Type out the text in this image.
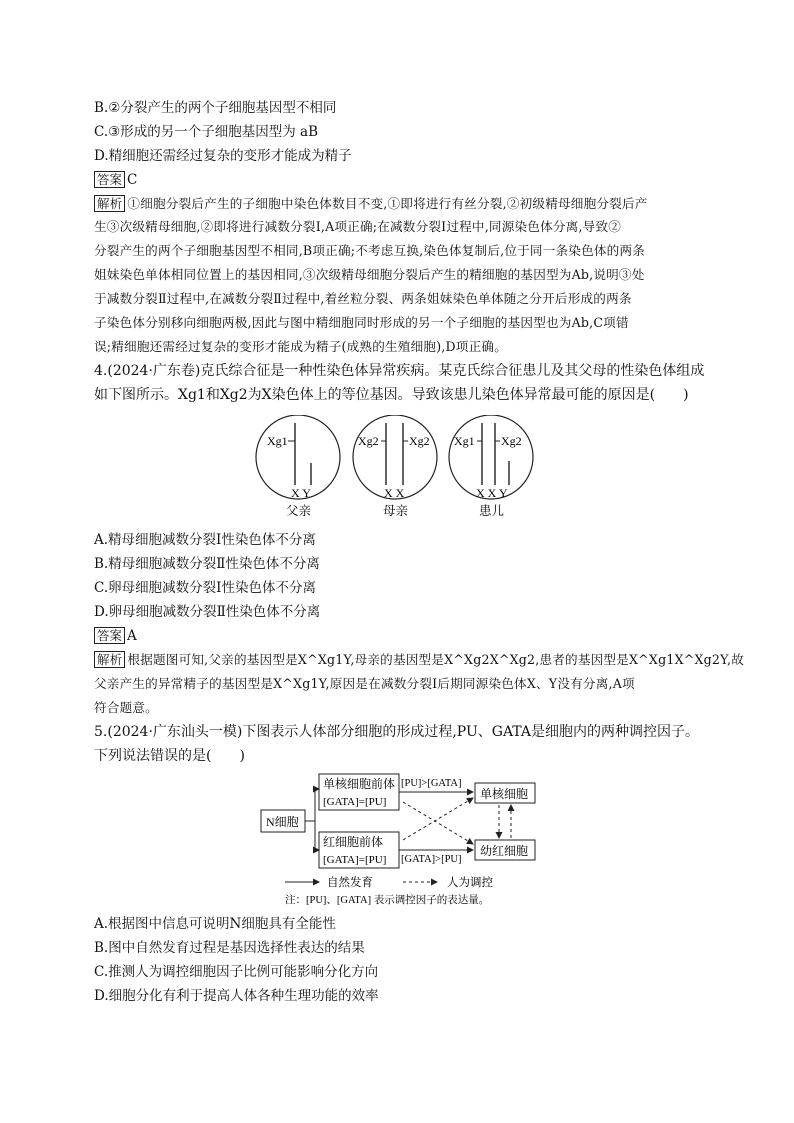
B.②分裂产生的两个子细胞基因型不相同
C.③形成的另一个子细胞基因型为 aB
D.精细胞还需经过复杂的变形才能成为精子
答案 C
解析 ①细胞分裂后产生的子细胞中染色体数目不变,①即将进行有丝分裂,②初级精母细胞分裂后产
生③次级精母细胞,②即将进行减数分裂Ⅰ,A项正确;在减数分裂Ⅰ过程中,同源染色体分离,导致②
分裂产生的两个子细胞基因型不相同,B项正确;不考虑互换,染色体复制后,位于同一条染色体的两条
姐妹染色单体相同位置上的基因相同,③次级精母细胞分裂后产生的精细胞的基因型为Ab,说明③处
于减数分裂Ⅱ过程中,在减数分裂Ⅱ过程中,着丝粒分裂、两条姐妹染色单体随之分开后形成的两条
子染色体分别移向细胞两极,因此与图中精细胞同时形成的另一个子细胞的基因型也为Ab,C项错
误;精细胞还需经过复杂的变形才能成为精子(成熟的生殖细胞),D项正确。
4.(2024·广东卷)克氏综合征是一种性染色体异常疾病。某克氏综合征患儿及其父母的性染色体组成
如下图所示。Xg1和Xg2为X染色体上的等位基因。导致该患儿染色体异常最可能的原因是(　　)
Xg1
X Y
父亲
Xg2	Xg2
X X
母亲
Xg1 Xg2
X X Y
患儿
A.精母细胞减数分裂Ⅰ性染色体不分离
B.精母细胞减数分裂Ⅱ性染色体不分离
C.卵母细胞减数分裂Ⅰ性染色体不分离
D.卵母细胞减数分裂Ⅱ性染色体不分离
答案 A
解析 根据题图可知,父亲的基因型是X^Xg1Y,母亲的基因型是X^Xg2X^Xg2,患者的基因型是X^Xg1X^Xg2Y,故
父亲产生的异常精子的基因型是X^Xg1Y,原因是在减数分裂Ⅰ后期同源染色体X、Y没有分离,A项
符合题意。
5.(2024·广东汕头一模)下图表示人体部分细胞的形成过程,PU、GATA是细胞内的两种调控因子。
下列说法错误的是(　　)
N细胞
单核细胞前体
[GATA]=[PU]
红细胞前体
[GATA]=[PU]
[PU]>[GATA]
[GATA]>[PU]
单核细胞
幼红细胞
自然发育	人为调控
注：[PU]、[GATA] 表示调控因子的表达量。
A.根据图中信息可说明N细胞具有全能性
B.图中自然发育过程是基因选择性表达的结果
C.推测人为调控细胞因子比例可能影响分化方向
D.细胞分化有利于提高人体各种生理功能的效率
